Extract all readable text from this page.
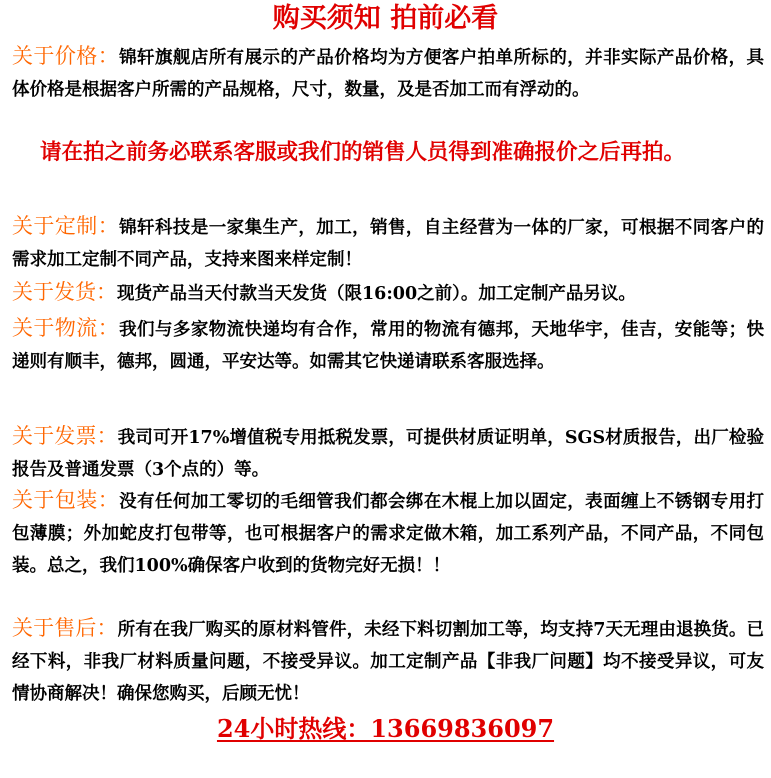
购买须知 拍前必看
关于价格：锦轩旗舰店所有展示的产品价格均为方便客户拍单所标的，并非实际产品价格，具体价格是根据客户所需的产品规格，尺寸，数量，及是否加工而有浮动的。
请在拍之前务必联系客服或我们的销售人员得到准确报价之后再拍。
关于定制：锦轩科技是一家集生产，加工，销售，自主经营为一体的厂家，可根据不同客户的需求加工定制不同产品，支持来图来样定制！
关于发货：现货产品当天付款当天发货（限16:00之前）。加工定制产品另议。
关于物流：我们与多家物流快递均有合作，常用的物流有德邦，天地华宇，佳吉，安能等；快递则有顺丰，德邦，圆通，平安达等。如需其它快递请联系客服选择。
关于发票：我司可开17%增值税专用抵税发票，可提供材质证明单，SGS材质报告，出厂检验报告及普通发票（3个点的）等。
关于包装：没有任何加工零切的毛细管我们都会绑在木棍上加以固定，表面缠上不锈钢专用打包薄膜；外加蛇皮打包带等，也可根据客户的需求定做木箱，加工系列产品，不同产品，不同包装。总之，我们100%确保客户收到的货物完好无损！！
关于售后：所有在我厂购买的原材料管件，未经下料切割加工等，均支持7天无理由退换货。已经下料，非我厂材料质量问题，不接受异议。加工定制产品【非我厂问题】均不接受异议，可友情协商解决！确保您购买，后顾无忧！
24小时热线：13669836097
